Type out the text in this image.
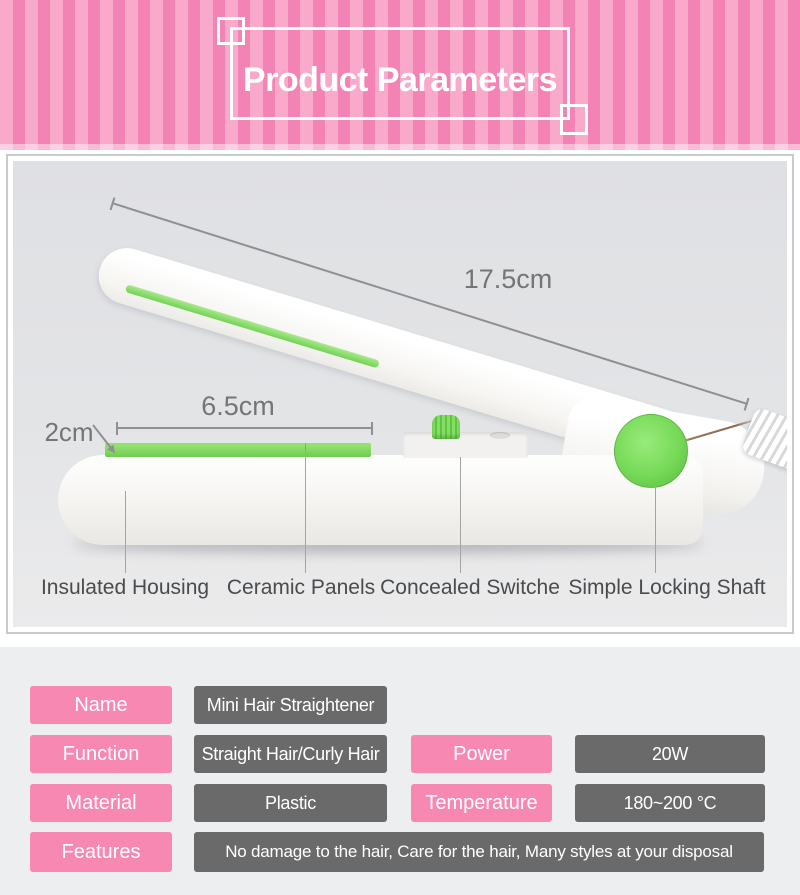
Product Parameters
17.5cm
6.5cm
2cm
Insulated Housing Ceramic Panels Concealed Switche Simple Locking Shaft
Name	Mini Hair Straightener
Function	Straight Hair/Curly Hair	Power	20W
Material	Plastic	Temperature	180~200 °C
Features	No damage to the hair, Care for the hair, Many styles at your disposal
